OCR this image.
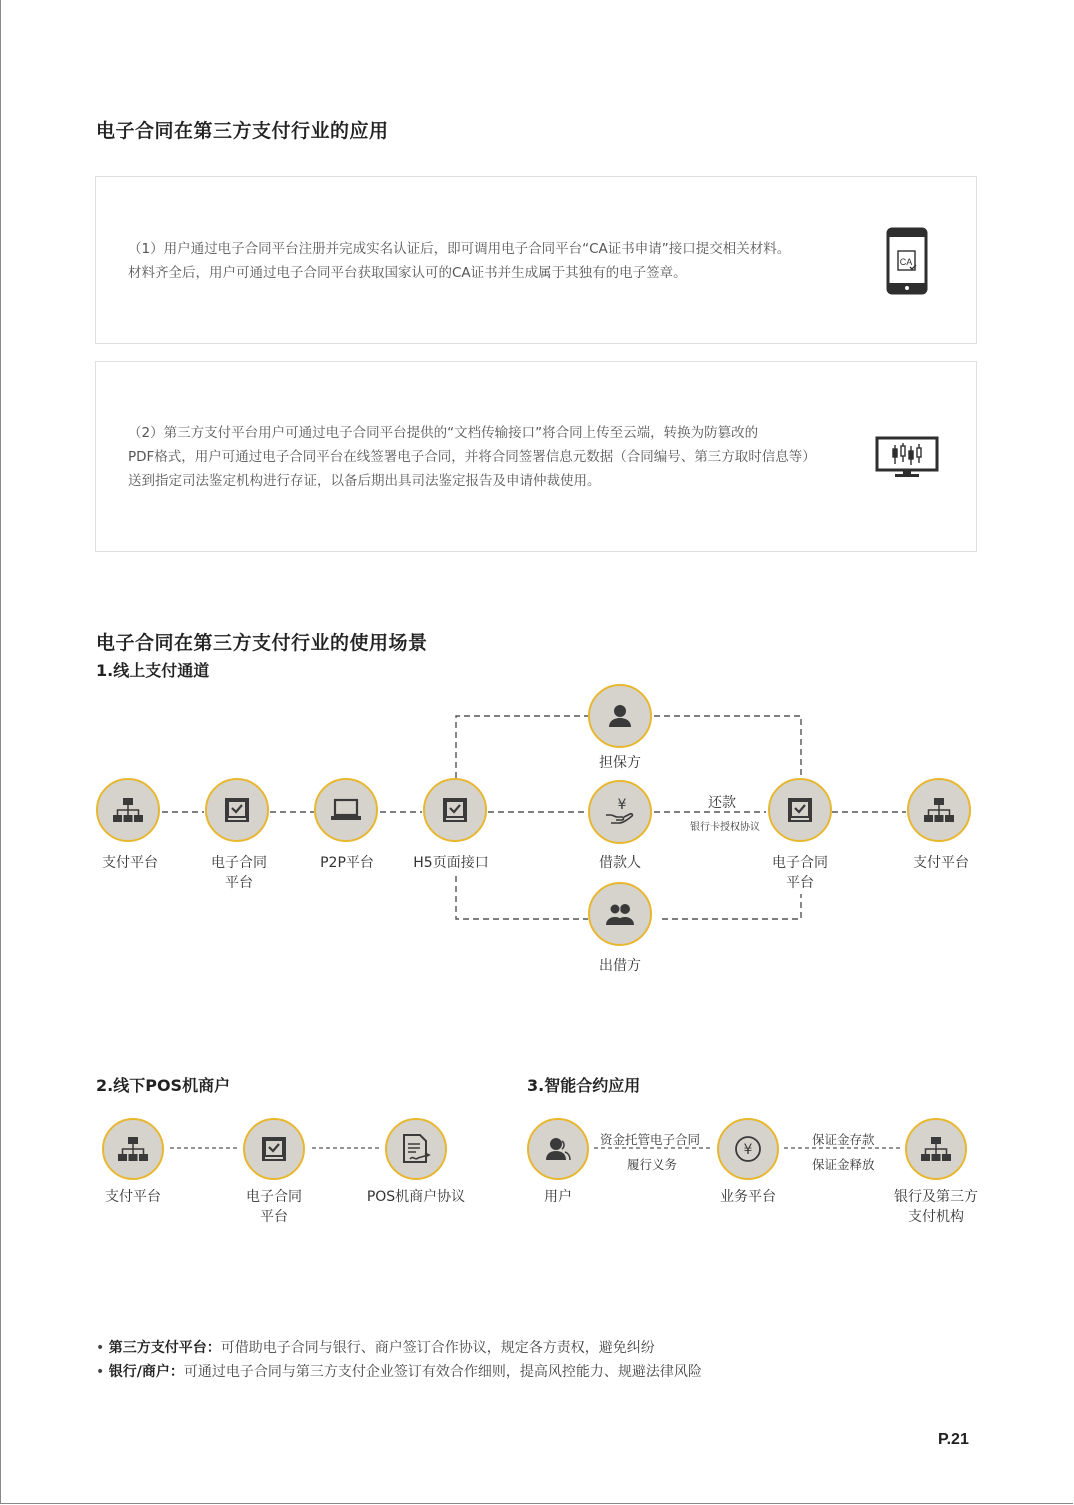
电子合同在第三方支付行业的应用
（1）用户通过电子合同平台注册并完成实名认证后，即可调用电子合同平台“CA证书申请”接口提交相关材料。
材料齐全后，用户可通过电子合同平台获取国家认可的CA证书并生成属于其独有的电子签章。
CA
（2）第三方支付平台用户可通过电子合同平台提供的“文档传输接口”将合同上传至云端，转换为防篡改的
PDF格式，用户可通过电子合同平台在线签署电子合同，并将合同签署信息元数据（合同编号、第三方取时信息等）
送到指定司法鉴定机构进行存证，以备后期出具司法鉴定报告及申请仲裁使用。
电子合同在第三方支付行业的使用场景
1.线上支付通道
支付平台	电子合同
平台
P2P平台	H5页面接口
担保方
¥
借款人
出借方
电子合同
平台
支付平台
还款
银行卡授权协议
2.线下POS机商户
支付平台	电子合同
平台
POS机商户协议
3.智能合约应用
用户
¥
业务平台	银行及第三方
支付机构
资金托管电子合同
履行义务
保证金存款
保证金释放
• 第三方支付平台：可借助电子合同与银行、商户签订合作协议，规定各方责权，避免纠纷
• 银行/商户：可通过电子合同与第三方支付企业签订有效合作细则，提高风控能力、规避法律风险
P.21
